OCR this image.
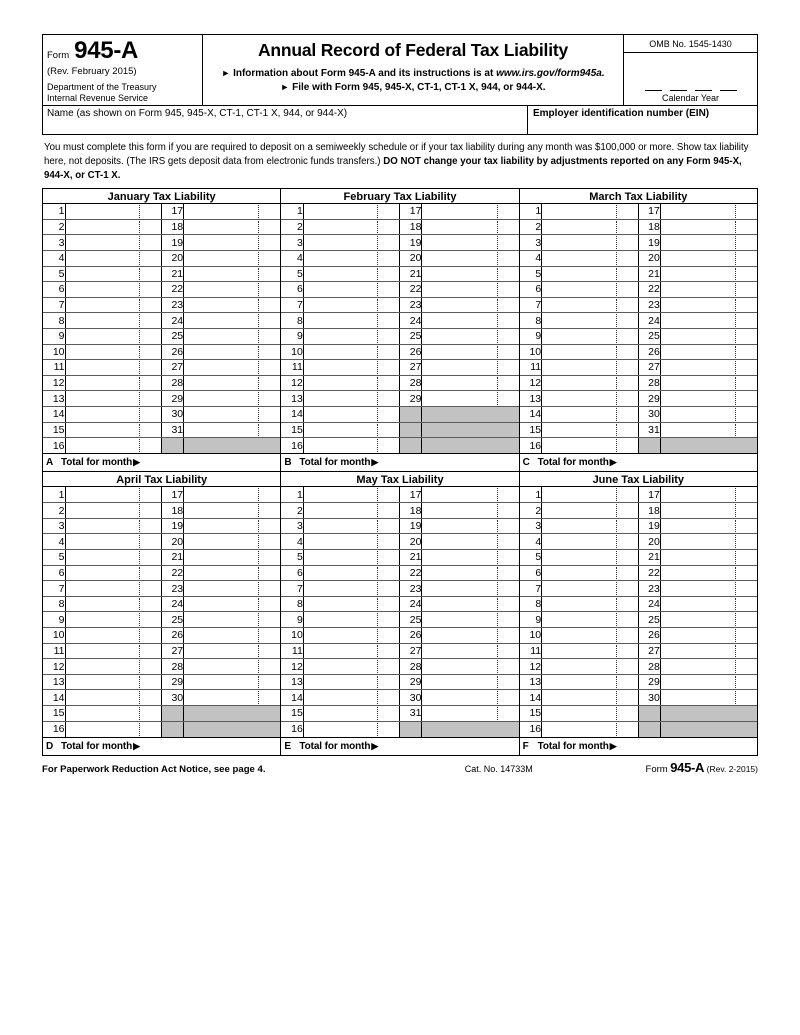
Form 945-A
(Rev. February 2015)
Department of the Treasury
Internal Revenue Service
Annual Record of Federal Tax Liability
► Information about Form 945-A and its instructions is at www.irs.gov/form945a.
► File with Form 945, 945-X, CT-1, CT-1 X, 944, or 944-X.
OMB No. 1545-1430
Calendar Year
Name (as shown on Form 945, 945-X, CT-1, CT-1 X, 944, or 944-X)	Employer identification number (EIN)
You must complete this form if you are required to deposit on a semiweekly schedule or if your tax liability during any month was $100,000 or more. Show tax liability here, not deposits. (The IRS gets deposit data from electronic funds transfers.) DO NOT change your tax liability by adjustments reported on any Form 945-X, 944-X, or CT-1 X.
January Tax Liability
1		17	

2		18	

3		19	

4		20	

5		21	

6		22	

7		23	

8		24	

9		25	

10		26	

11		27	

12		28	

13		29	

14		30	

15		31	

16	

February Tax Liability
1		17	

2		18	

3		19	

4		20	

5		21	

6		22	

7		23	

8		24	

9		25	

10		26	

11		27	

12		28	

13		29	

14	

15	

16	

March Tax Liability
1		17	

2		18	

3		19	

4		20	

5		21	

6		22	

7		23	

8		24	

9		25	

10		26	

11		27	

12		28	

13		29	

14		30	

15		31	

16	

A Total for month ▶	B Total for month ▶	C Total for month ▶
April Tax Liability
1		17	

2		18	

3		19	

4		20	

5		21	

6		22	

7		23	

8		24	

9		25	

10		26	

11		27	

12		28	

13		29	

14		30	

15	

16	

May Tax Liability
1		17	

2		18	

3		19	

4		20	

5		21	

6		22	

7		23	

8		24	

9		25	

10		26	

11		27	

12		28	

13		29	

14		30	

15		31	

16	

June Tax Liability
1		17	

2		18	

3		19	

4		20	

5		21	

6		22	

7		23	

8		24	

9		25	

10		26	

11		27	

12		28	

13		29	

14		30	

15	

16	

D Total for month ▶	E Total for month ▶	F Total for month ▶
For Paperwork Reduction Act Notice, see page 4.	Cat. No. 14733M	Form 945-A (Rev. 2-2015)
